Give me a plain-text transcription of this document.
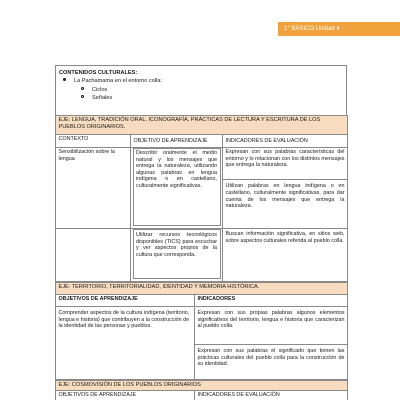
1° BÁSICO Unidad 4
CONTENIDOS CULTURALES:
La Pachamama en el entorno colla:
Ciclos
Señales
EJE: LENGUA, TRADICIÓN ORAL, ICONOGRAFÍA, PRÁCTICAS DE LECTURA Y ESCRITURA DE LOS PUEBLOS ORIGINARIOS.		
CONTEXTO	OBJETIVO DE APRENDIZAJE	INDICADORES DE EVALUACIÓN
Sensibilización sobre la lengua	Describir oralmente el medio natural y los mensajes que entrega la naturaleza, utilizando algunas palabras en lengua indígena o en castellano, culturalmente significativas.	Expresan con sus palabras características del entorno y lo relacionan con los distintos mensajes que entrega la naturaleza.
		Utilizan palabras en lengua indígena o en castellano, culturalmente significativas, para dar cuenta de los mensajes que entrega la naturaleza.

	Utilizar recursos tecnológicos disponibles (TICS) para escuchar y ver aspectos propios de la cultura que corresponda.	Buscan información significativa, en sitios web, sobre aspectos culturales referida al pueblo colla.
EJE: TERRITORIO, TERRITORIALIDAD, IDENTIDAD Y MEMORIA HISTÓRICA.	
OBJETIVOS DE APRENDIZAJE	INDICADORES
Comprender aspectos de la cultura indígena (territorio, lengua e historia) que contribuyen a la construcción de la identidad de las personas y pueblos.	Expresan con sus propias palabras algunos elementos significativos del territorio, lengua e historia que caracterizan al pueblo colla.
	Expresan con sus palabras el significado que tienen las prácticas culturales del pueblo colla para la construcción de su identidad.
EJE: COSMOVISIÓN DE LOS PUEBLOS ORIGINARIOS
OBJETIVOS DE APRENDIZAJE	INDICADORES DE EVALUACIÓN
